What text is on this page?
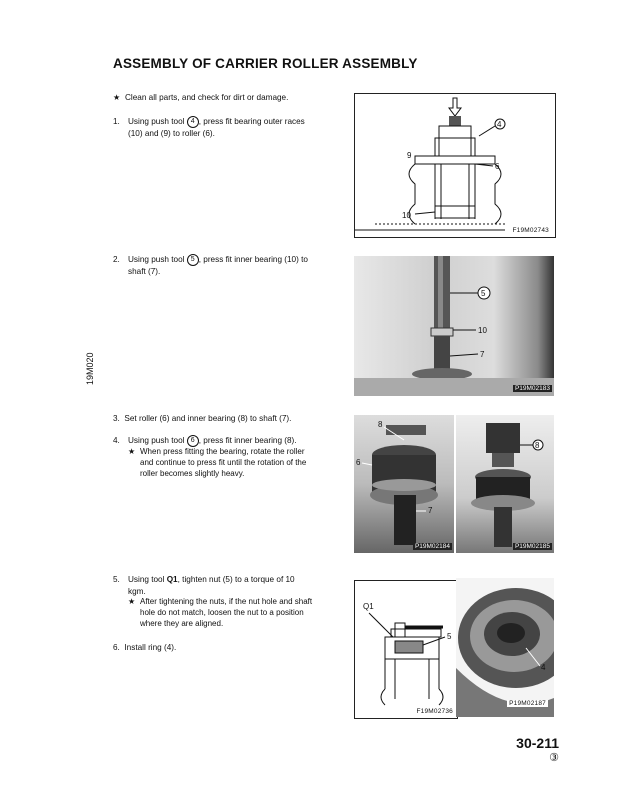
ASSEMBLY OF CARRIER ROLLER ASSEMBLY
★ Clean all parts, and check for dirt or damage.
1. Using push tool 4 , press fit bearing outer races
(10) and (9) to roller (6).
4
9
6
10
F19M02743
2. Using push tool 5 , press fit inner bearing (10) to
shaft (7).
5
10
7
P19M02183
19M020
3. Set roller (6) and inner bearing (8) to shaft (7).
4. Using push tool 6 , press fit inner bearing (8).
★ When press fitting the bearing, rotate the roller
and continue to press fit until the rotation of the
roller becomes slightly heavy.
8
6
7
P19M02184
8
P19M02185
5. Using tool Q1, tighten nut (5) to a torque of 10
kgm.
★ After tightening the nuts, if the nut hole and shaft
hole do not match, loosen the nut to a position
where they are aligned.
6. Install ring (4).
Q1
5
F19M02736
4
P19M02187
30-211
③
